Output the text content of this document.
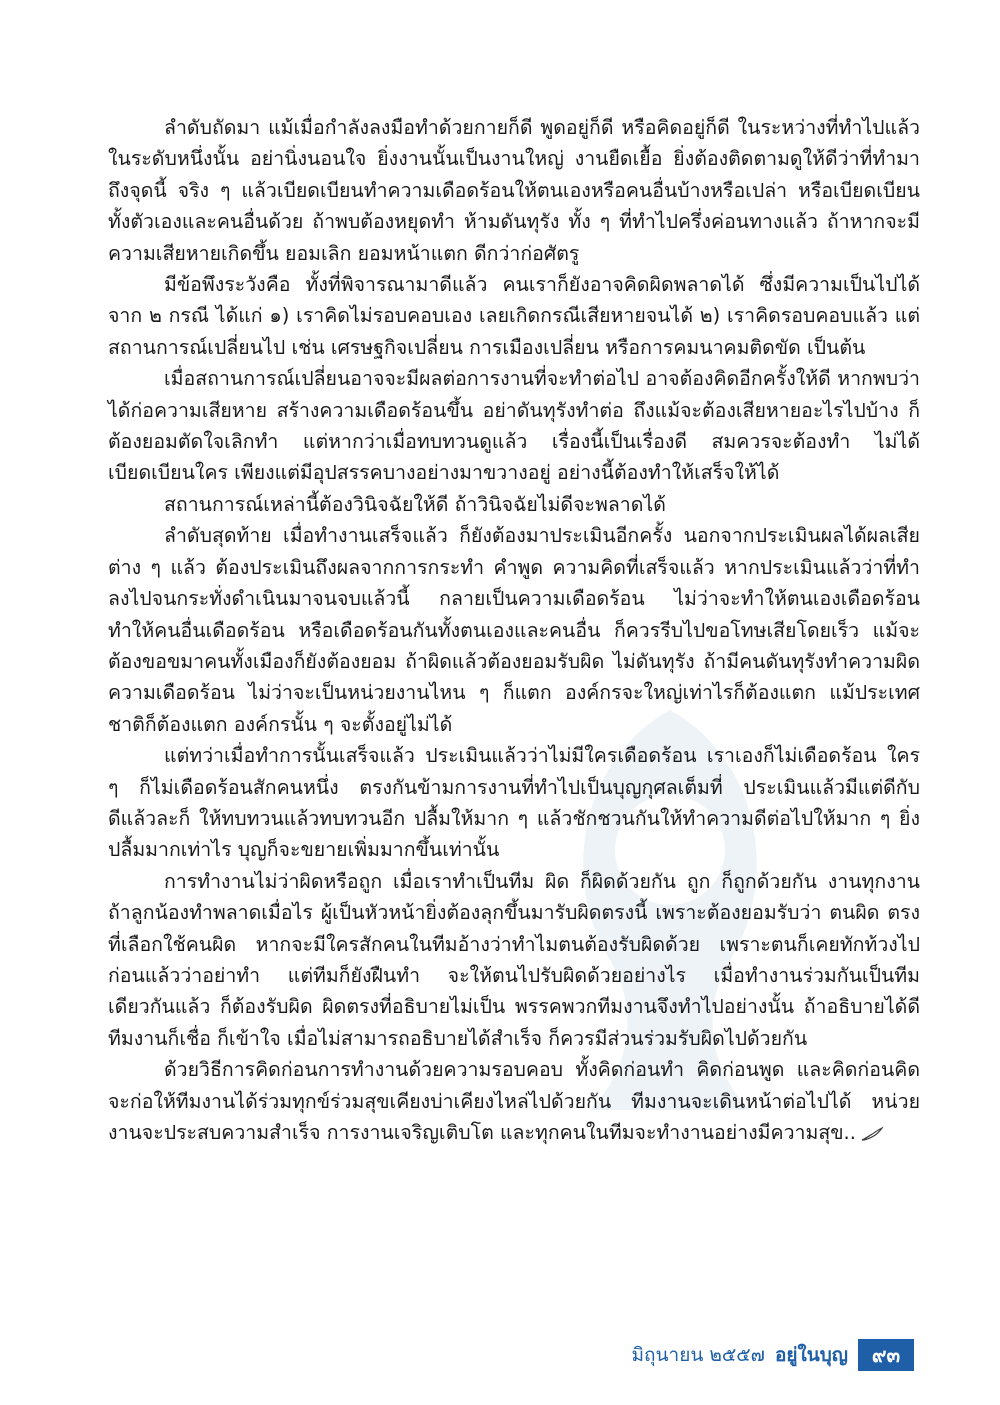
ลำดับถัดมา แม้เมื่อกำลังลงมือทำด้วยกายก็ดี พูดอยู่ก็ดี หรือคิดอยู่ก็ดี ในระหว่างที่ทำไปแล้วในระดับหนึ่งนั้น อย่านิ่งนอนใจ ยิ่งงานนั้นเป็นงานใหญ่ งานยืดเยื้อ ยิ่งต้องติดตามดูให้ดีว่าที่ทำมาถึงจุดนี้ จริง ๆ แล้วเบียดเบียนทำความเดือดร้อนให้ตนเองหรือคนอื่นบ้างหรือเปล่า หรือเบียดเบียนทั้งตัวเองและคนอื่นด้วย ถ้าพบต้องหยุดทำ ห้ามดันทุรัง ทั้ง ๆ ที่ทำไปครึ่งค่อนทางแล้ว ถ้าหากจะมีความเสียหายเกิดขึ้น ยอมเลิก ยอมหน้าแตก ดีกว่าก่อศัตรู

มีข้อพึงระวังคือ ทั้งที่พิจารณามาดีแล้ว คนเราก็ยังอาจคิดผิดพลาดได้ ซึ่งมีความเป็นไปได้จาก ๒ กรณี ได้แก่ ๑) เราคิดไม่รอบคอบเอง เลยเกิดกรณีเสียหายจนได้ ๒) เราคิดรอบคอบแล้ว แต่สถานการณ์เปลี่ยนไป เช่น เศรษฐกิจเปลี่ยน การเมืองเปลี่ยน หรือการคมนาคมติดขัด เป็นต้น

เมื่อสถานการณ์เปลี่ยนอาจจะมีผลต่อการงานที่จะทำต่อไป อาจต้องคิดอีกครั้งให้ดี หากพบว่าได้ก่อความเสียหาย สร้างความเดือดร้อนขึ้น อย่าดันทุรังทำต่อ ถึงแม้จะต้องเสียหายอะไรไปบ้าง ก็ต้องยอมตัดใจเลิกทำ แต่หากว่าเมื่อทบทวนดูแล้ว เรื่องนี้เป็นเรื่องดี สมควรจะต้องทำ ไม่ได้เบียดเบียนใคร เพียงแต่มีอุปสรรคบางอย่างมาขวางอยู่ อย่างนี้ต้องทำให้เสร็จให้ได้

สถานการณ์เหล่านี้ต้องวินิจฉัยให้ดี ถ้าวินิจฉัยไม่ดีจะพลาดได้

ลำดับสุดท้าย เมื่อทำงานเสร็จแล้ว ก็ยังต้องมาประเมินอีกครั้ง นอกจากประเมินผลได้ผลเสียต่าง ๆ แล้ว ต้องประเมินถึงผลจากการกระทำ คำพูด ความคิดที่เสร็จแล้ว หากประเมินแล้วว่าที่ทำลงไปจนกระทั่งดำเนินมาจนจบแล้วนี้ กลายเป็นความเดือดร้อน ไม่ว่าจะทำให้ตนเองเดือดร้อน ทำให้คนอื่นเดือดร้อน หรือเดือดร้อนกันทั้งตนเองและคนอื่น ก็ควรรีบไปขอโทษเสียโดยเร็ว แม้จะต้องขอขมาคนทั้งเมืองก็ยังต้องยอม ถ้าผิดแล้วต้องยอมรับผิด ไม่ดันทุรัง ถ้ามีคนดันทุรังทำความผิด ความเดือดร้อน ไม่ว่าจะเป็นหน่วยงานไหน ๆ ก็แตก องค์กรจะใหญ่เท่าไรก็ต้องแตก แม้ประเทศชาติก็ต้องแตก องค์กรนั้น ๆ จะตั้งอยู่ไม่ได้

แต่ทว่าเมื่อทำการนั้นเสร็จแล้ว ประเมินแล้วว่าไม่มีใครเดือดร้อน เราเองก็ไม่เดือดร้อน ใคร ๆ ก็ไม่เดือดร้อนสักคนหนึ่ง ตรงกันข้ามการงานที่ทำไปเป็นบุญกุศลเต็มที่ ประเมินแล้วมีแต่ดีกับดีแล้วละก็ ให้ทบทวนแล้วทบทวนอีก ปลื้มให้มาก ๆ แล้วชักชวนกันให้ทำความดีต่อไปให้มาก ๆ ยิ่งปลื้มมากเท่าไร บุญก็จะขยายเพิ่มมากขึ้นเท่านั้น

การทำงานไม่ว่าผิดหรือถูก เมื่อเราทำเป็นทีม ผิด ก็ผิดด้วยกัน ถูก ก็ถูกด้วยกัน งานทุกงาน ถ้าลูกน้องทำพลาดเมื่อไร ผู้เป็นหัวหน้ายิ่งต้องลุกขึ้นมารับผิดตรงนี้ เพราะต้องยอมรับว่า ตนผิด ตรงที่เลือกใช้คนผิด หากจะมีใครสักคนในทีมอ้างว่าทำไมตนต้องรับผิดด้วย เพราะตนก็เคยทักท้วงไปก่อนแล้วว่าอย่าทำ แต่ทีมก็ยังฝืนทำ จะให้ตนไปรับผิดด้วยอย่างไร เมื่อทำงานร่วมกันเป็นทีมเดียวกันแล้ว ก็ต้องรับผิด ผิดตรงที่อธิบายไม่เป็น พรรคพวกทีมงานจึงทำไปอย่างนั้น ถ้าอธิบายได้ดี ทีมงานก็เชื่อ ก็เข้าใจ เมื่อไม่สามารถอธิบายได้สำเร็จ ก็ควรมีส่วนร่วมรับผิดไปด้วยกัน

ด้วยวิธีการคิดก่อนการทำงานด้วยความรอบคอบ ทั้งคิดก่อนทำ คิดก่อนพูด และคิดก่อนคิด จะก่อให้ทีมงานได้ร่วมทุกข์ร่วมสุขเคียงบ่าเคียงไหล่ไปด้วยกัน ทีมงานจะเดินหน้าต่อไปได้ หน่วยงานจะประสบความสำเร็จ การงานเจริญเติบโต และทุกคนในทีมจะทำงานอย่างมีความสุข..

มิถุนายน ๒๕๕๗ อยู่ในบุญ	๙๓
